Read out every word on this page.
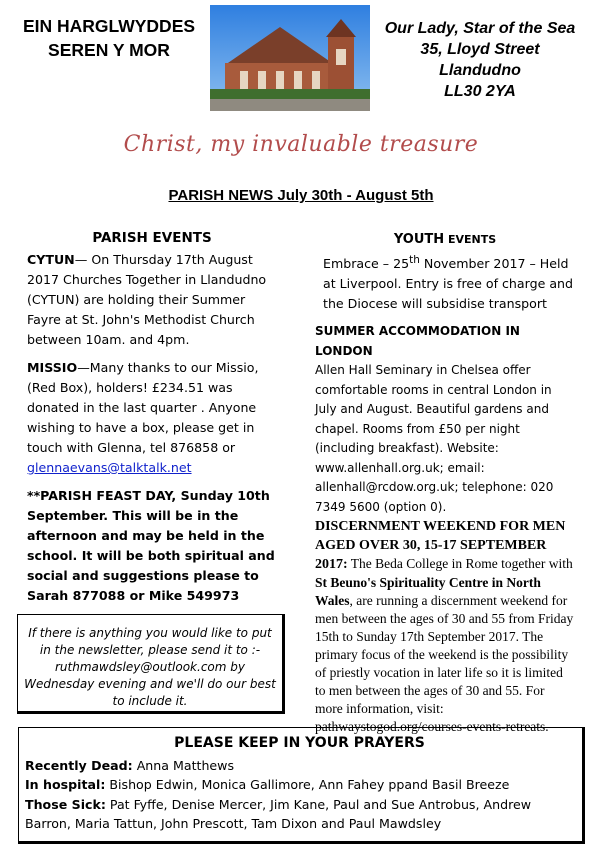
EIN HARGLWYDDES
SEREN Y MOR
Our Lady, Star of the Sea
35, Lloyd Street
Llandudno
LL30 2YA
Christ, my invaluable treasure
PARISH NEWS July 30th - August 5th
PARISH EVENTS

CYTUN— On Thursday 17th August 2017 Churches Together in Llandudno (CYTUN) are holding their Summer Fayre at St. John's Methodist Church between 10am. and 4pm.

MISSIO—Many thanks to our Missio, (Red Box), holders! £234.51 was donated in the last quarter . Anyone wishing to have a box, please get in touch with Glenna, tel 876858 or glennaevans@talktalk.net

**PARISH FEAST DAY, Sunday 10th September. This will be in the afternoon and may be held in the school. It will be both spiritual and social and suggestions please to Sarah 877088 or Mike 549973

If there is anything you would like to put in the newsletter, please send it to :- ruthmawdsley@outlook.com by Wednesday evening and we'll do our best to include it.
YOUTH EVENTS
Embrace – 25th November 2017 – Held at Liverpool. Entry is free of charge and the Diocese will subsidise transport
SUMMER ACCOMMODATION IN LONDON
Allen Hall Seminary in Chelsea offer comfortable rooms in central London in July and August. Beautiful gardens and chapel. Rooms from £50 per night (including breakfast). Website: www.allenhall.org.uk; email: allenhall@rcdow.org.uk; telephone: 020 7349 5600 (option 0).
DISCERNMENT WEEKEND FOR MEN AGED OVER 30, 15-17 SEPTEMBER 2017: The Beda College in Rome together with St Beuno's Spirituality Centre in North Wales, are running a discernment weekend for men between the ages of 30 and 55 from Friday 15th to Sunday 17th September 2017. The primary focus of the weekend is the possibility of priestly vocation in later life so it is limited to men between the ages of 30 and 55. For more information, visit: pathwaystogod.org/courses-events-retreats.
PLEASE KEEP IN YOUR PRAYERS
Recently Dead: Anna Matthews
In hospital: Bishop Edwin, Monica Gallimore, Ann Fahey ppand Basil Breeze
Those Sick: Pat Fyffe, Denise Mercer, Jim Kane, Paul and Sue Antrobus, Andrew Barron, Maria Tattun, John Prescott, Tam Dixon and Paul Mawdsley
